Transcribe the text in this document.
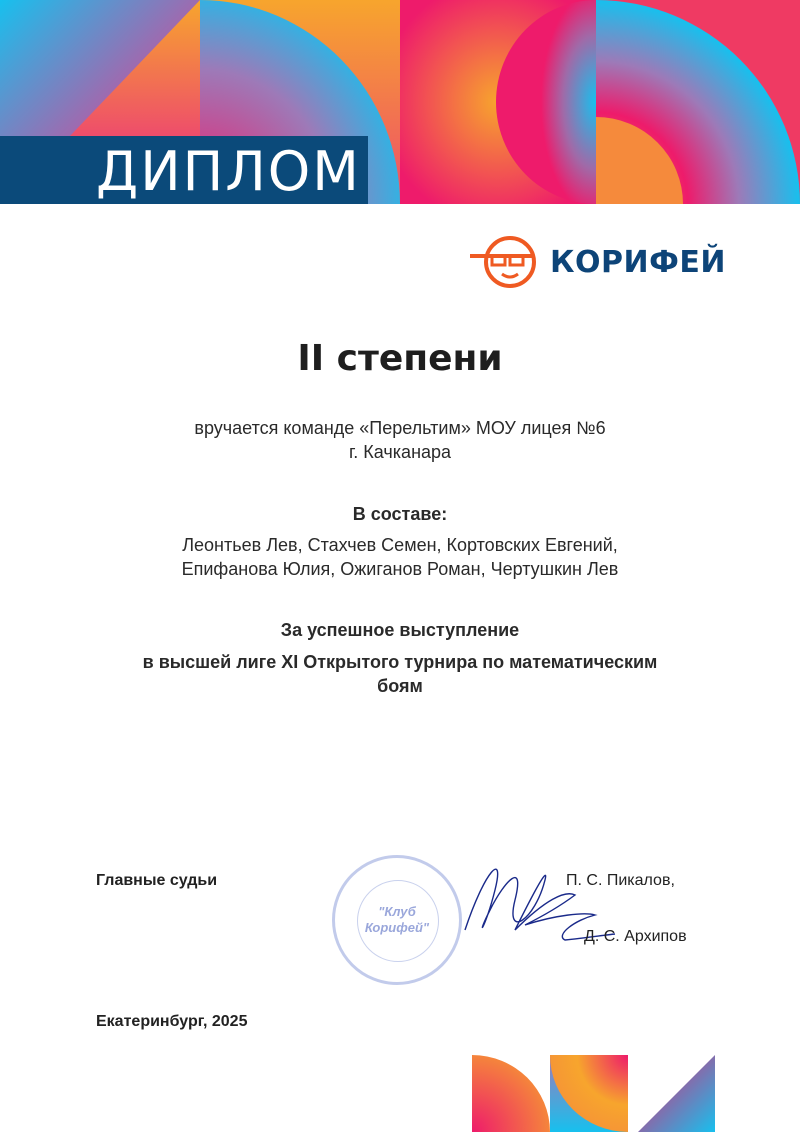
ДИПЛОМ
КОРИФЕЙ
II степени
вручается команде «Перельтим» МОУ лицея №6
г. Качканара
В составе:
Леонтьев Лев, Стахчев Семен, Кортовских Евгений,
Епифанова Юлия, Ожиганов Роман, Чертушкин Лев
За успешное выступление
в высшей лиге XI Открытого турнира по математическим
боям
Главные судьи
"Клуб
Корифей"
П. С. Пикалов,
Д. С. Архипов
Екатеринбург, 2025
